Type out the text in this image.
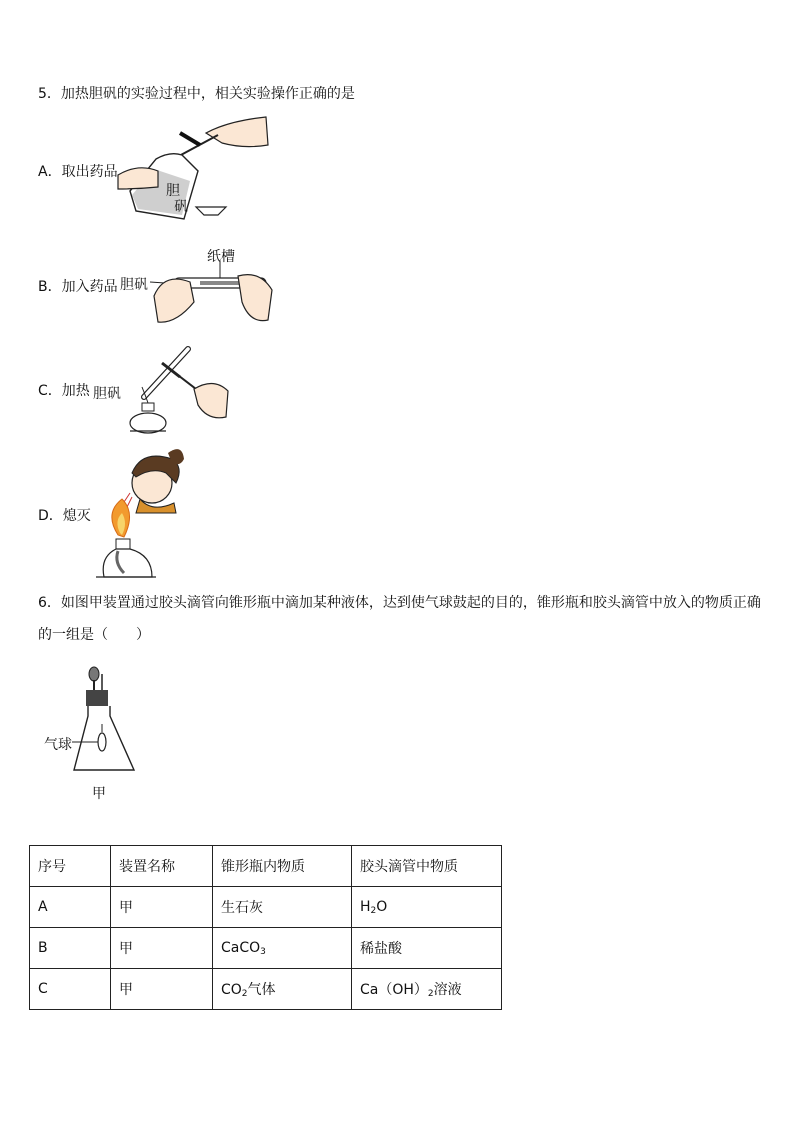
5．加热胆矾的实验过程中，相关实验操作正确的是
A．取出药品
胆
矾
B．加入药品
纸槽
胆矾
C．加热 胆矾
D．熄灭
6．如图甲装置通过胶头滴管向锥形瓶中滴加某种液体，达到使气球鼓起的目的，锥形瓶和胶头滴管中放入的物质正确
的一组是（　　）
气球
甲
序号	装置名称	锥形瓶内物质	胶头滴管中物质
A	甲	生石灰	$H_2O$
B	甲	CaCO$_3$	稀盐酸
C	甲	$CO_2$气体	$Ca(OH)_2$溶液
